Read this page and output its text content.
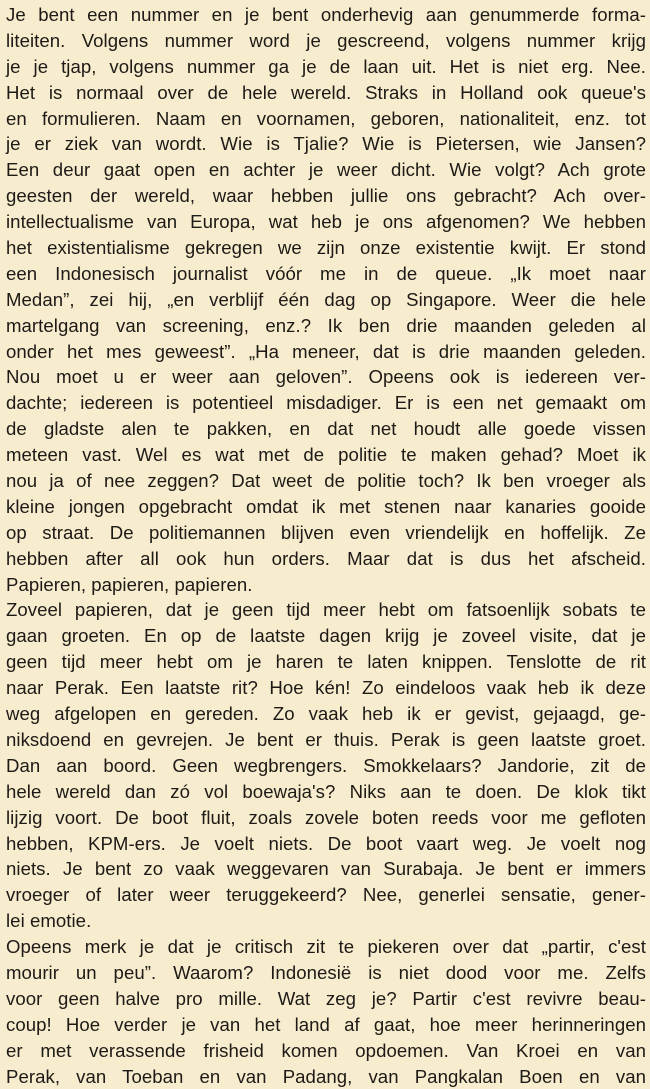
Je bent een nummer en je bent onderhevig aan genummerde forma-
liteiten. Volgens nummer word je gescreend, volgens nummer krijg
je je tjap, volgens nummer ga je de laan uit. Het is niet erg. Nee.
Het is normaal over de hele wereld. Straks in Holland ook queue's
en formulieren. Naam en voornamen, geboren, nationaliteit, enz. tot
je er ziek van wordt. Wie is Tjalie? Wie is Pietersen, wie Jansen?
Een deur gaat open en achter je weer dicht. Wie volgt? Ach grote
geesten der wereld, waar hebben jullie ons gebracht? Ach over-
intellectualisme van Europa, wat heb je ons afgenomen? We hebben
het existentialisme gekregen we zijn onze existentie kwijt. Er stond
een Indonesisch journalist vóór me in de queue. „Ik moet naar
Medan”, zei hij, „en verblijf één dag op Singapore. Weer die hele
martelgang van screening, enz.? Ik ben drie maanden geleden al
onder het mes geweest”. „Ha meneer, dat is drie maanden geleden.
Nou moet u er weer aan geloven”. Opeens ook is iedereen ver-
dachte; iedereen is potentieel misdadiger. Er is een net gemaakt om
de gladste alen te pakken, en dat net houdt alle goede vissen
meteen vast. Wel es wat met de politie te maken gehad? Moet ik
nou ja of nee zeggen? Dat weet de politie toch? Ik ben vroeger als
kleine jongen opgebracht omdat ik met stenen naar kanaries gooide
op straat. De politiemannen blijven even vriendelijk en hoffelijk. Ze
hebben after all ook hun orders. Maar dat is dus het afscheid.
Papieren, papieren, papieren.
Zoveel papieren, dat je geen tijd meer hebt om fatsoenlijk sobats te
gaan groeten. En op de laatste dagen krijg je zoveel visite, dat je
geen tijd meer hebt om je haren te laten knippen. Tenslotte de rit
naar Perak. Een laatste rit? Hoe kén! Zo eindeloos vaak heb ik deze
weg afgelopen en gereden. Zo vaak heb ik er gevist, gejaagd, ge-
niksdoend en gevrejen. Je bent er thuis. Perak is geen laatste groet.
Dan aan boord. Geen wegbrengers. Smokkelaars? Jandorie, zit de
hele wereld dan zó vol boewaja's? Niks aan te doen. De klok tikt
lijzig voort. De boot fluit, zoals zovele boten reeds voor me gefloten
hebben, KPM-ers. Je voelt niets. De boot vaart weg. Je voelt nog
niets. Je bent zo vaak weggevaren van Surabaja. Je bent er immers
vroeger of later weer teruggekeerd? Nee, generlei sensatie, gener-
lei emotie.
Opeens merk je dat je critisch zit te piekeren over dat „partir, c'est
mourir un peu”. Waarom? Indonesië is niet dood voor me. Zelfs
voor geen halve pro mille. Wat zeg je? Partir c'est revivre beau-
coup! Hoe verder je van het land af gaat, hoe meer herinneringen
er met verassende frisheid komen opdoemen. Van Kroei en van
Perak, van Toeban en van Padang, van Pangkalan Boen en van
